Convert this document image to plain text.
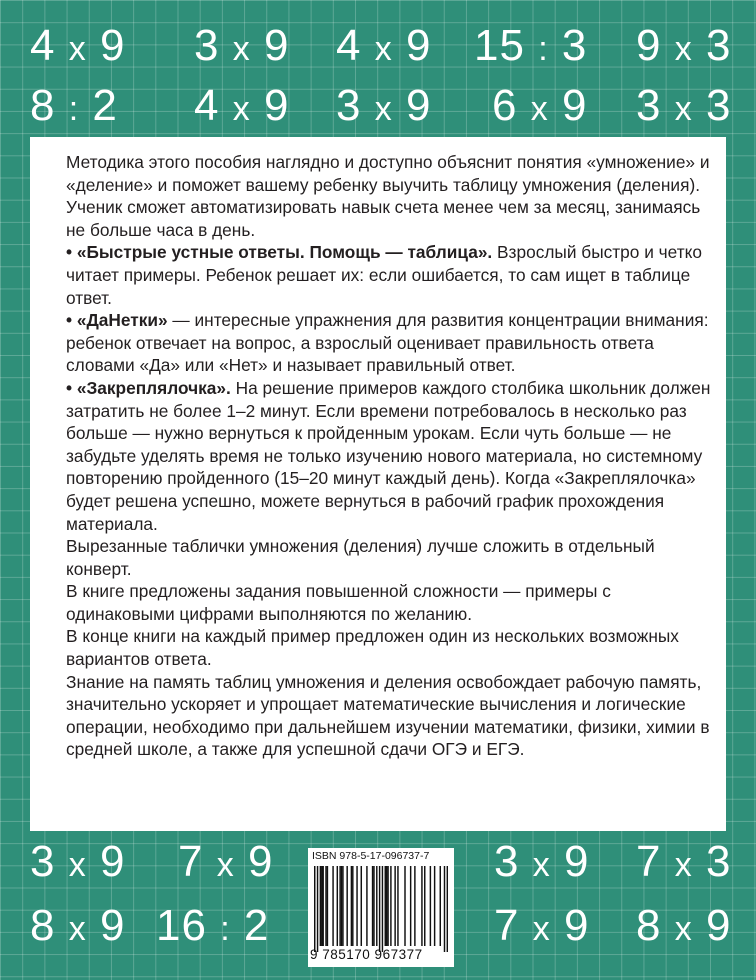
4 x 9 3 x 9 4 x 9 15 : 3 9 x 3
8 : 2 4 x 9 3 x 9 6 x 9 3 x 3

Методика этого пособия наглядно и доступно объяснит понятия «умножение» и «деление» и поможет вашему ребенку выучить таблицу умножения (деления). Ученик сможет автоматизировать навык счета менее чем за месяц, занимаясь не больше часа в день.

• «Быстрые устные ответы. Помощь — таблица». Взрослый быстро и четко читает примеры. Ребенок решает их: если ошибается, то сам ищет в таблице ответ.

• «ДаНетки» — интересные упражнения для развития концентрации внимания: ребенок отвечает на вопрос, а взрослый оценивает правильность ответа словами «Да» или «Нет» и называет правильный ответ.

• «Закреплялочка». На решение примеров каждого столбика школьник должен затратить не более 1–2 минут. Если времени потребовалось в несколько раз больше — нужно вернуться к пройденным урокам. Если чуть больше — не забудьте уделять время не только изучению нового материала, но системному повторению пройденного (15–20 минут каждый день). Когда «Закреплялочка» будет решена успешно, можете вернуться в рабочий график прохождения материала.

Вырезанные таблички умножения (деления) лучше сложить в отдельный конверт.

В книге предложены задания повышенной сложности — примеры с одинаковыми цифрами выполняются по желанию.

В конце книги на каждый пример предложен один из нескольких возможных вариантов ответа.

Знание на память таблиц умножения и деления освобождает рабочую память, значительно ускоряет и упрощает математические вычисления и логические операции, необходимо при дальнейшем изучении математики, физики, химии в средней школе, а также для успешной сдачи ОГЭ и ЕГЭ.

3 x 9 7 x 9	3 x 9 7 x 3
8 x 9 16 : 2	7 x 9 8 x 9
ISBN 978-5-17-096737-7
9 785170 967377
